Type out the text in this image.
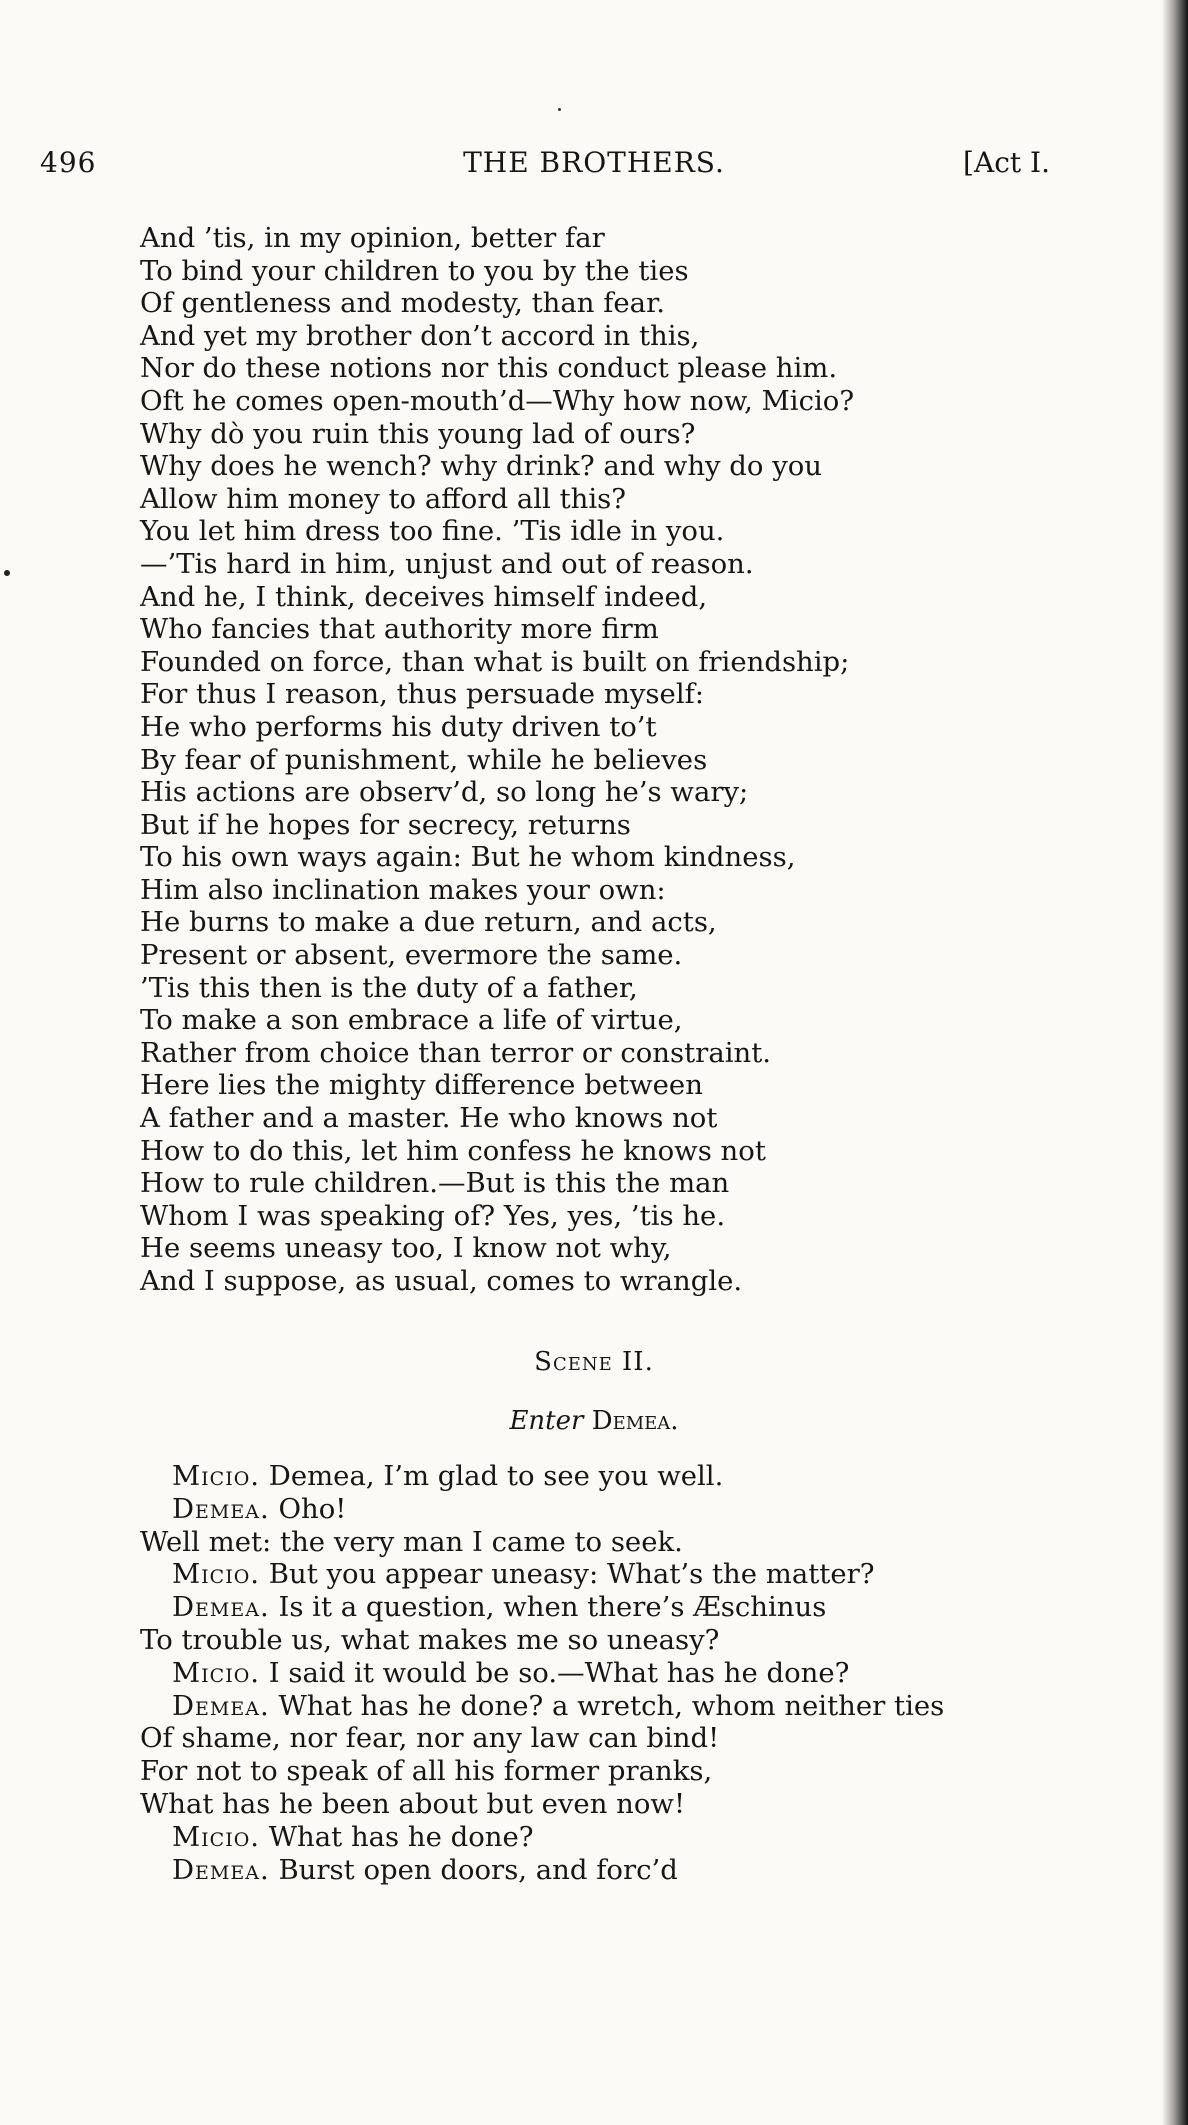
496	THE BROTHERS.	[Act I.
And ’tis, in my opinion, better far
To bind your children to you by the ties
Of gentleness and modesty, than fear.
And yet my brother don’t accord in this,
Nor do these notions nor this conduct please him.
Oft he comes open-mouth’d—Why how now, Micio?
Why dò you ruin this young lad of ours?
Why does he wench? why drink? and why do you
Allow him money to afford all this?
You let him dress too fine. ’Tis idle in you.
—’Tis hard in him, unjust and out of reason.
And he, I think, deceives himself indeed,
Who fancies that authority more firm
Founded on force, than what is built on friendship;
For thus I reason, thus persuade myself:
He who performs his duty driven to’t
By fear of punishment, while he believes
His actions are observ’d, so long he’s wary;
But if he hopes for secrecy, returns
To his own ways again: But he whom kindness,
Him also inclination makes your own:
He burns to make a due return, and acts,
Present or absent, evermore the same.
’Tis this then is the duty of a father,
To make a son embrace a life of virtue,
Rather from choice than terror or constraint.
Here lies the mighty difference between
A father and a master. He who knows not
How to do this, let him confess he knows not
How to rule children.—But is this the man
Whom I was speaking of? Yes, yes, ’tis he.
He seems uneasy too, I know not why,
And I suppose, as usual, comes to wrangle.
Scene II.
Enter Demea.
Micio. Demea, I’m glad to see you well.
Demea. Oho!
Well met: the very man I came to seek.
Micio. But you appear uneasy: What’s the matter?
Demea. Is it a question, when there’s Æschinus
To trouble us, what makes me so uneasy?
Micio. I said it would be so.—What has he done?
Demea. What has he done? a wretch, whom neither ties
Of shame, nor fear, nor any law can bind!
For not to speak of all his former pranks,
What has he been about but even now!
Micio. What has he done?
Demea. Burst open doors, and forc’d
